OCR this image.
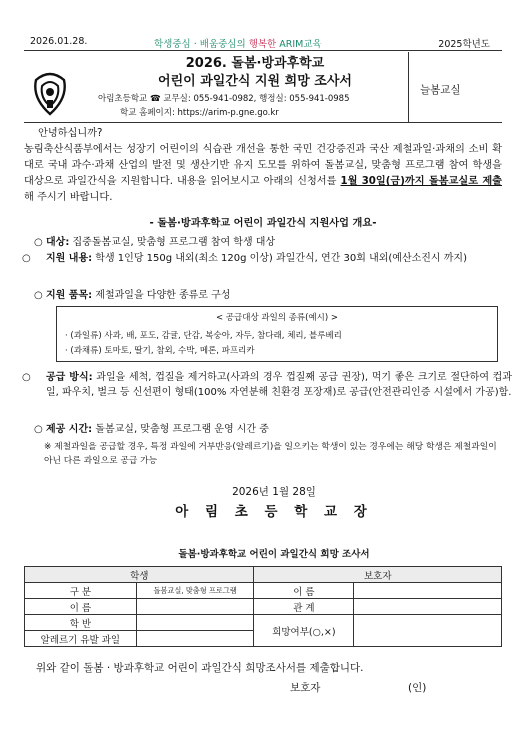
2026.01.28.	학생중심 · 배움중심의 행복한 ARIM교육	2025학년도
2026. 돌봄·방과후학교
어린이 과일간식 지원 희망 조사서
아림초등학교 ☎ 교무실: 055-941-0982, 행정실: 055-941-0985
학교 홈페이지: https://arim-p.gne.go.kr
늘봄교실
안녕하십니까?
농림축산식품부에서는 성장기 어린이의 식습관 개선을 통한 국민 건강증진과 국산 제철과일·과채의 소비 확대로 국내 과수·과채 산업의 발전 및 생산기반 유지 도모를 위하여 돌봄교실, 맞춤형 프로그램 참여 학생을 대상으로 과일간식을 지원합니다. 내용을 읽어보시고 아래의 신청서를 1월 30일(금)까지 돌봄교실로 제출해 주시기 바랍니다.
- 돌봄·방과후학교 어린이 과일간식 지원사업 개요-
○ 대상: 집중돌봄교실, 맞춤형 프로그램 참여 학생 대상
○ 지원 내용: 학생 1인당 150g 내외(최소 120g 이상) 과일간식, 연간 30회 내외(예산소진시 까지)
○ 지원 품목: 제철과일을 다양한 종류로 구성
< 공급대상 과일의 종류(예시) >
· (과일류) 사과, 배, 포도, 감귤, 단감, 복숭아, 자두, 참다래, 체리, 블루베리
· (과채류) 토마토, 딸기, 참외, 수박, 메론, 파프리카
○ 공급 방식: 과일을 세척, 껍질을 제거하고(사과의 경우 껍질째 공급 권장), 먹기 좋은 크기로 절단하여 컵과일, 파우치, 벌크 등 신선편이 형태(100% 자연분해 친환경 포장재)로 공급(안전관리인증 시설에서 가공)함.
○ 제공 시간: 돌봄교실, 맞춤형 프로그램 운영 시간 중
※ 제철과일을 공급할 경우, 특정 과일에 거부반응(알레르기)을 일으키는 학생이 있는 경우에는 해당 학생은 제철과일이 아닌 다른 과일으로 공급 가능
2026년 1월 28일
아 림 초 등 학 교 장
돌봄·방과후학교 어린이 과일간식 희망 조사서
학생		보호자	
구 분	돌봄교실, 맞춤형 프로그램	이 름	
이 름		관 계	
학 반		희망여부(○,×)	
알레르기 유발 과일			
위와 같이 돌봄 · 방과후학교 어린이 과일간식 희망조사서를 제출합니다.
보호자	(인)
